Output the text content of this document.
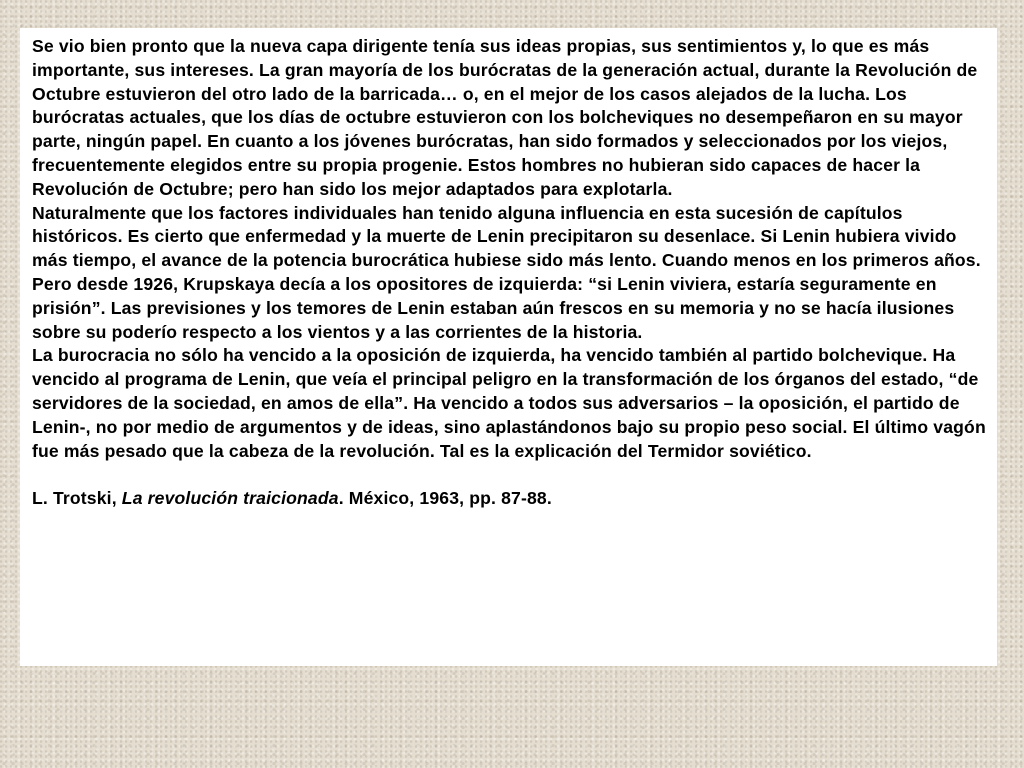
Se vio bien pronto que la nueva capa dirigente tenía sus ideas propias, sus sentimientos y, lo que es más importante, sus intereses. La gran mayoría de los burócratas de la generación actual, durante la Revolución de Octubre estuvieron del otro lado de la barricada… o, en el mejor de los casos alejados de la lucha. Los burócratas actuales, que los días de octubre estuvieron con los bolcheviques no desempeñaron en su mayor parte, ningún papel. En cuanto a los jóvenes burócratas, han sido formados y seleccionados por los viejos, frecuentemente elegidos entre su propia progenie. Estos hombres no hubieran sido capaces de hacer la Revolución de Octubre; pero han sido los mejor adaptados para explotarla.

Naturalmente que los factores individuales han tenido alguna influencia en esta sucesión de capítulos históricos. Es cierto que enfermedad y la muerte de Lenin precipitaron su desenlace. Si Lenin hubiera vivido más tiempo, el avance de la potencia burocrática hubiese sido más lento. Cuando menos en los primeros años. Pero desde 1926, Krupskaya decía a los opositores de izquierda: “si Lenin viviera, estaría seguramente en prisión”. Las previsiones y los temores de Lenin estaban aún frescos en su memoria y no se hacía ilusiones sobre su poderío respecto a los vientos y a las corrientes de la historia.

La burocracia no sólo ha vencido a la oposición de izquierda, ha vencido también al partido bolchevique. Ha vencido al programa de Lenin, que veía el principal peligro en la transformación de los órganos del estado, “de servidores de la sociedad, en amos de ella”. Ha vencido a todos sus adversarios – la oposición, el partido de Lenin-, no por medio de argumentos y de ideas, sino aplastándonos bajo su propio peso social. El último vagón fue más pesado que la cabeza de la revolución. Tal es la explicación del Termidor soviético.

L. Trotski, La revolución traicionada. México, 1963, pp. 87-88.
